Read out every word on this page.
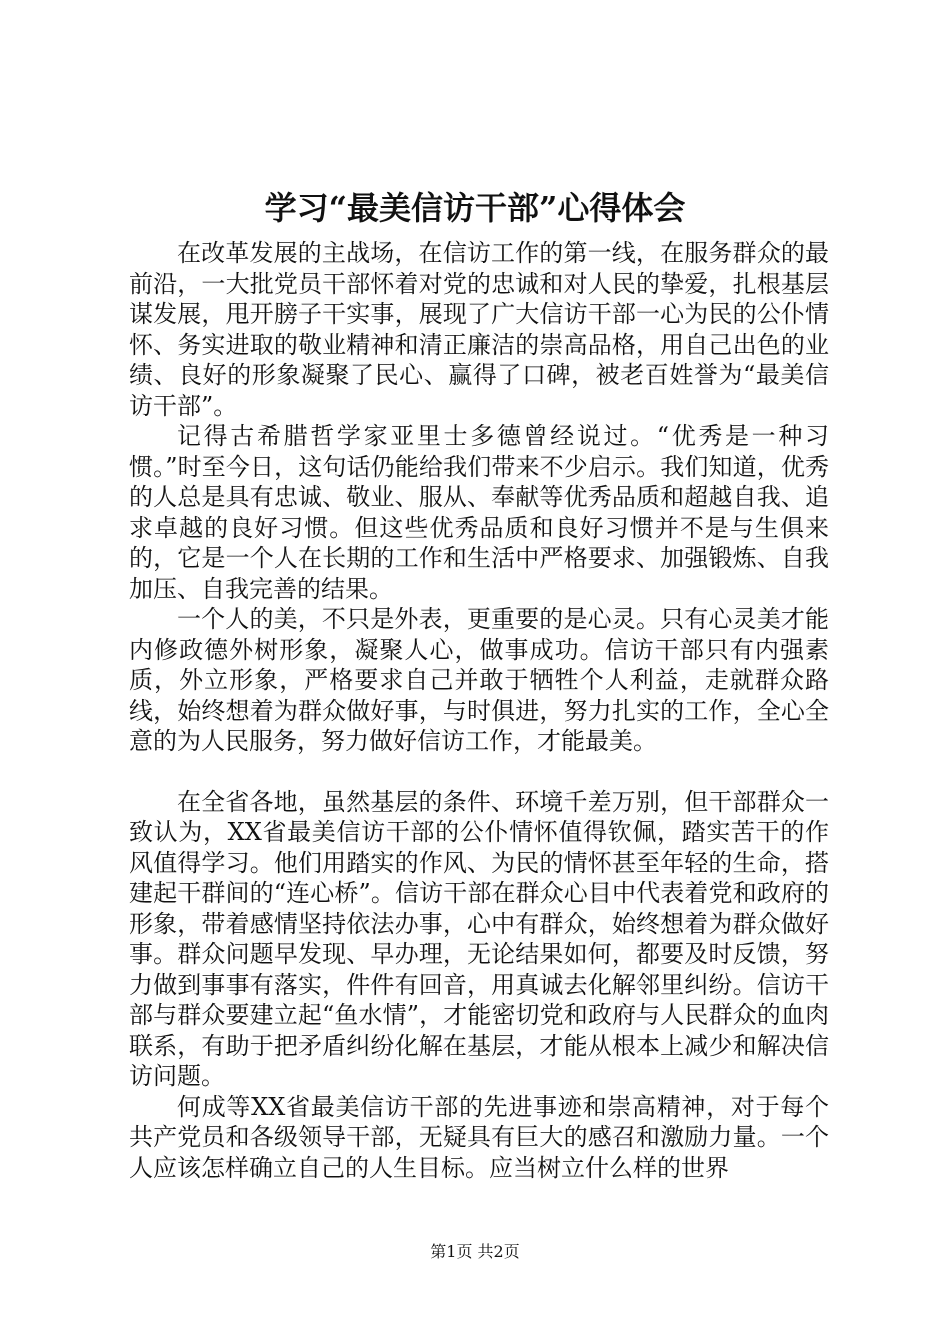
学习“最美信访干部”心得体会

在改革发展的主战场，在信访工作的第一线，在服务群众的最前沿，一大批党员干部怀着对党的忠诚和对人民的挚爱，扎根基层谋发展，甩开膀子干实事，展现了广大信访干部一心为民的公仆情怀、务实进取的敬业精神和清正廉洁的崇高品格，用自己出色的业绩、良好的形象凝聚了民心、赢得了口碑，被老百姓誉为“最美信访干部”。

记得古希腊哲学家亚里士多德曾经说过。“优秀是一种习惯。”时至今日，这句话仍能给我们带来不少启示。我们知道，优秀的人总是具有忠诚、敬业、服从、奉献等优秀品质和超越自我、追求卓越的良好习惯。但这些优秀品质和良好习惯并不是与生俱来的，它是一个人在长期的工作和生活中严格要求、加强锻炼、自我加压、自我完善的结果。

一个人的美，不只是外表，更重要的是心灵。只有心灵美才能内修政德外树形象，凝聚人心，做事成功。信访干部只有内强素质，外立形象，严格要求自己并敢于牺牲个人利益，走就群众路线，始终想着为群众做好事，与时俱进，努力扎实的工作，全心全意的为人民服务，努力做好信访工作，才能最美。

在全省各地，虽然基层的条件、环境千差万别，但干部群众一致认为，XX省最美信访干部的公仆情怀值得钦佩，踏实苦干的作风值得学习。他们用踏实的作风、为民的情怀甚至年轻的生命，搭建起干群间的“连心桥”。信访干部在群众心目中代表着党和政府的形象，带着感情坚持依法办事，心中有群众，始终想着为群众做好事。群众问题早发现、早办理，无论结果如何，都要及时反馈，努力做到事事有落实，件件有回音，用真诚去化解邻里纠纷。信访干部与群众要建立起“鱼水情”，才能密切党和政府与人民群众的血肉联系，有助于把矛盾纠纷化解在基层，才能从根本上减少和解决信访问题。

何成等XX省最美信访干部的先进事迹和崇高精神，对于每个共产党员和各级领导干部，无疑具有巨大的感召和激励力量。一个人应该怎样确立自己的人生目标。应当树立什么样的世界

第1页 共2页
